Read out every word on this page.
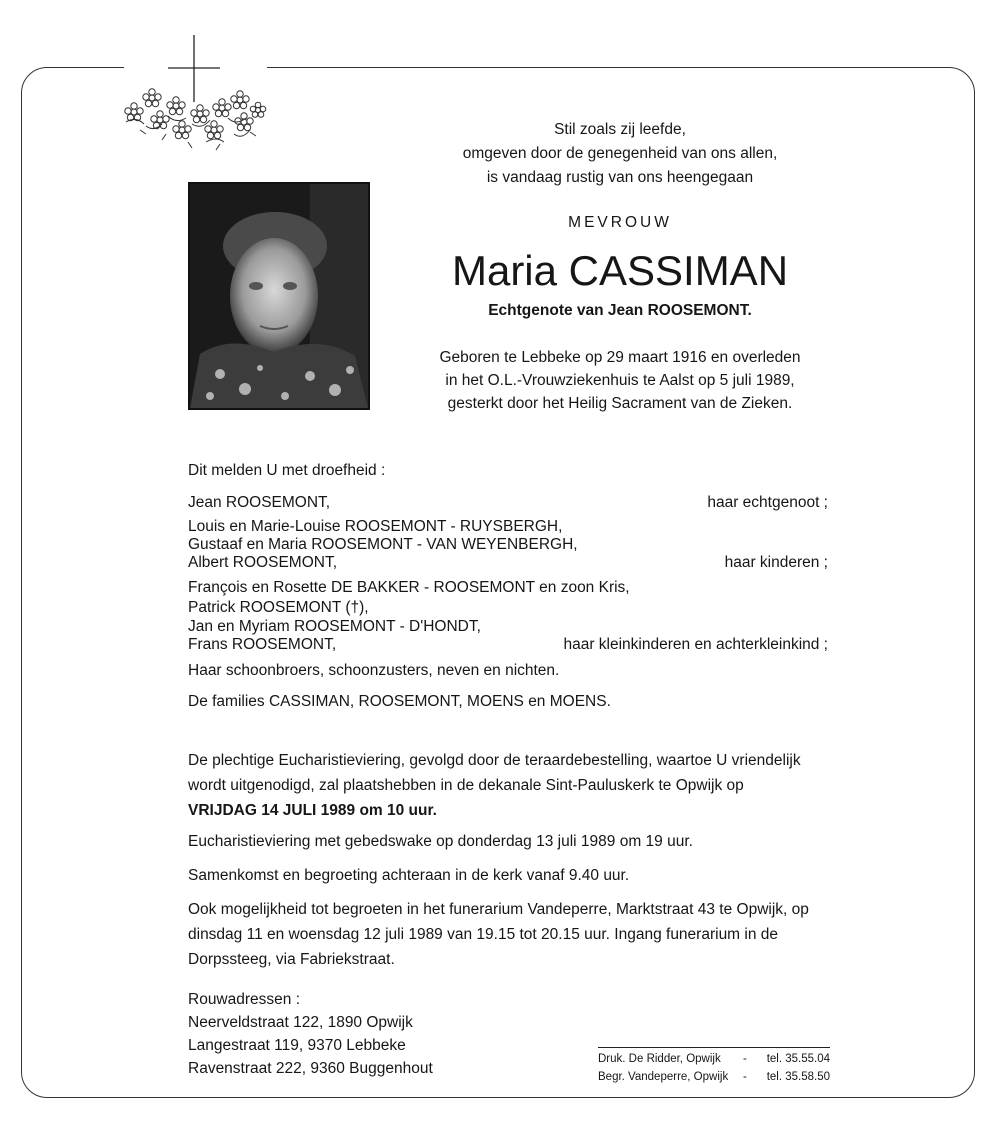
Stil zoals zij leefde,
omgeven door de genegenheid van ons allen,
is vandaag rustig van ons heengegaan
MEVROUW
Maria CASSIMAN
Echtgenote van Jean ROOSEMONT.
Geboren te Lebbeke op 29 maart 1916 en overleden
in het O.L.-Vrouwziekenhuis te Aalst op 5 juli 1989,
gesterkt door het Heilig Sacrament van de Zieken.
Dit melden U met droefheid :
Jean ROOSEMONT,	haar echtgenoot ;
Louis en Marie-Louise ROOSEMONT - RUYSBERGH,
Gustaaf en Maria ROOSEMONT - VAN WEYENBERGH,
Albert ROOSEMONT,	haar kinderen ;
François en Rosette DE BAKKER - ROOSEMONT en zoon Kris,
Patrick ROOSEMONT (†),
Jan en Myriam ROOSEMONT - D'HONDT,
Frans ROOSEMONT,	haar kleinkinderen en achterkleinkind ;
Haar schoonbroers, schoonzusters, neven en nichten.
De families CASSIMAN, ROOSEMONT, MOENS en MOENS.
De plechtige Eucharistieviering, gevolgd door de teraardebestelling, waartoe U vriendelijk
wordt uitgenodigd, zal plaatshebben in de dekanale Sint-Pauluskerk te Opwijk op
VRIJDAG 14 JULI 1989 om 10 uur.
Eucharistieviering met gebedswake op donderdag 13 juli 1989 om 19 uur.
Samenkomst en begroeting achteraan in de kerk vanaf 9.40 uur.
Ook mogelijkheid tot begroeten in het funerarium Vandeperre, Marktstraat 43 te Opwijk, op
dinsdag 11 en woensdag 12 juli 1989 van 19.15 tot 20.15 uur. Ingang funerarium in de
Dorpssteeg, via Fabriekstraat.
Rouwadressen :
Neerveldstraat 122, 1890 Opwijk
Langestraat 119, 9370 Lebbeke
Ravenstraat 222, 9360 Buggenhout
Druk. De Ridder, Opwijk - tel. 35.55.04
Begr. Vandeperre, Opwijk - tel. 35.58.50
